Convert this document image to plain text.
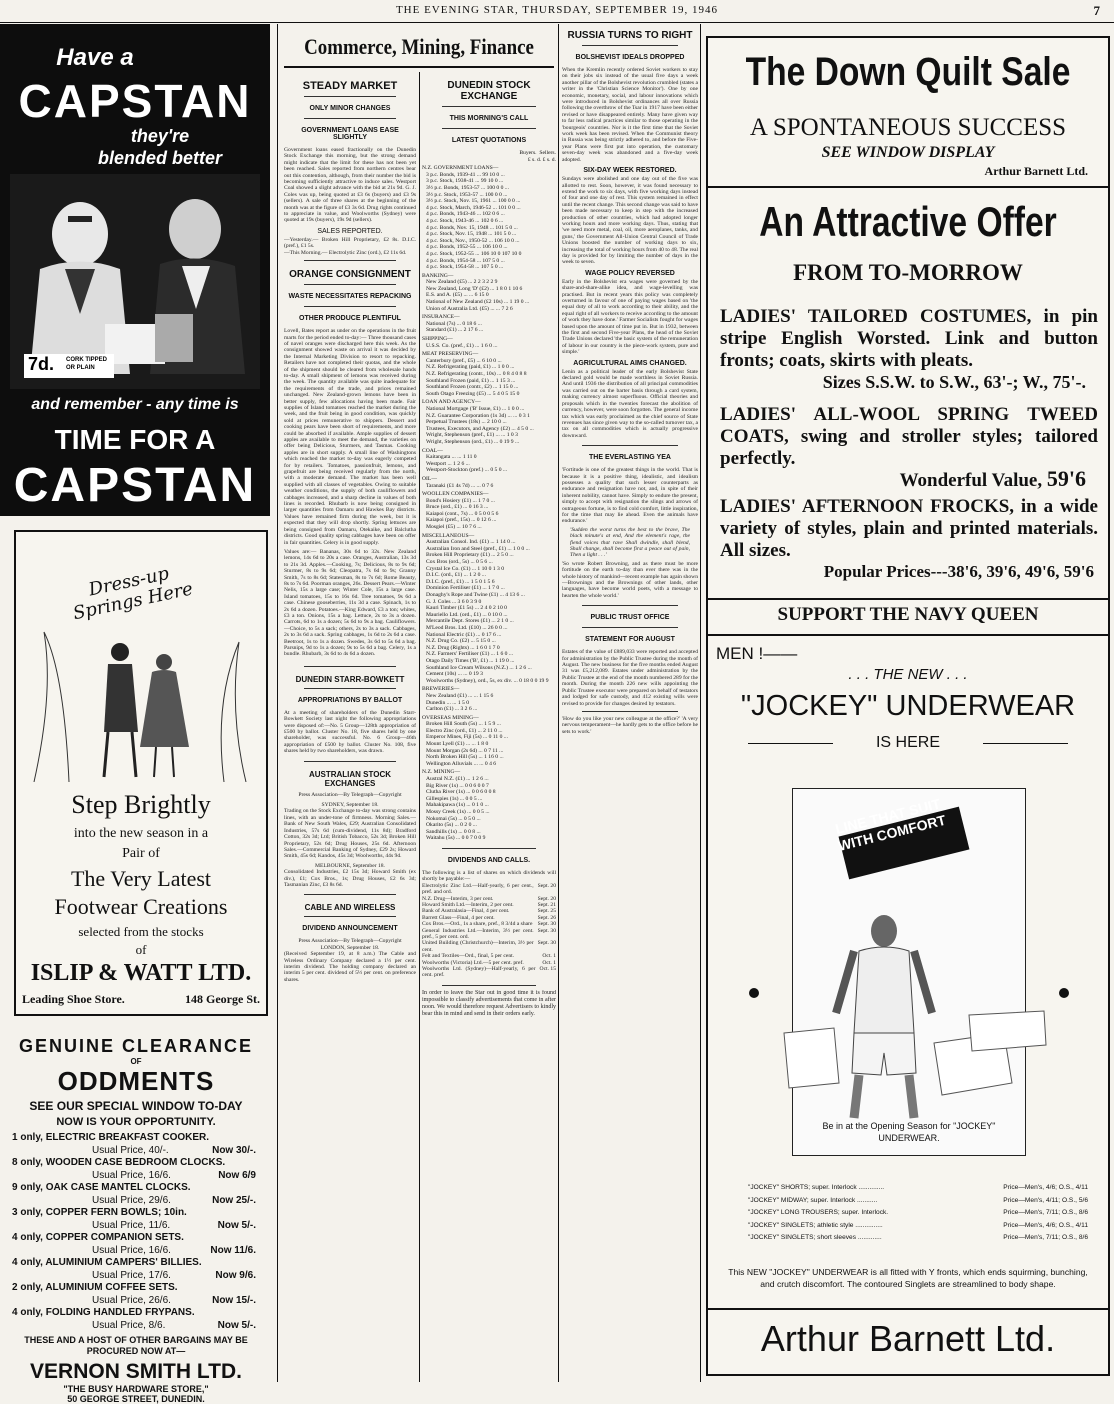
THE EVENING STAR, THURSDAY, SEPTEMBER 19, 1946	7
Have a
CAPSTAN
they're
blended better
7d. CORK TIPPED OR PLAIN
and remember - any time is
TIME FOR A
CAPSTAN
Dress-up Springs Here
Step Brightly
into the new season in a
Pair of
The Very Latest
Footwear Creations
selected from the stocks
of
ISLIP & WATT LTD.
Leading Shoe Store.	148 George St.
GENUINE CLEARANCE
OF
ODDMENTS
SEE OUR SPECIAL WINDOW TO-DAY
NOW IS YOUR OPPORTUNITY.
1 only, ELECTRIC BREAKFAST COOKER.
Usual Price, 40/-.	Now 30/-.
8 only, WOODEN CASE BEDROOM CLOCKS.
Usual Price, 16/6.	Now 6/9
9 only, OAK CASE MANTEL CLOCKS.
Usual Price, 29/6.	Now 25/-.
3 only, COPPER FERN BOWLS; 10in.
Usual Price, 11/6.	Now 5/-.
4 only, COPPER COMPANION SETS.
Usual Price, 16/6.	Now 11/6.
4 only, ALUMINIUM CAMPERS' BILLIES.
Usual Price, 17/6.	Now 9/6.
2 only, ALUMINIUM COFFEE SETS.
Usual Price, 26/6.	Now 15/-.
4 only, FOLDING HANDLED FRYPANS.
Usual Price, 8/6.	Now 5/-.
THESE AND A HOST OF OTHER BARGAINS MAY BE PROCURED NOW AT—
VERNON SMITH LTD.
"THE BUSY HARDWARE STORE,"
50 GEORGE STREET, DUNEDIN.
Commerce, Mining, Finance
STEADY MARKET
ONLY MINOR CHANGES
GOVERNMENT LOANS EASE SLIGHTLY
Government loans eased fractionally on the Dunedin Stock Exchange this morning, but the strong demand might indicate that the limit for these has not been yet been reached. Sales reported from northern centres bear out this contention, although, from their number the bid is becoming sufficiently attractive to induce sales. Westport Coal showed a slight advance with the bid at 21s 9d. G. J. Coles was up, being quoted at £3 6s (buyers) and £3 9s (sellers). A sale of three shares at the beginning of the month was at the figure of £3 3s 6d. Drug rights continued to appreciate in value, and Woolworths (Sydney) were quoted at 19s (buyers), 19s 9d (sellers).
SALES REPORTED.
—Yesterday.— Broken Hill Proprietary, £2 8s. D.I.C. (pref.), £1 5s.
—This Morning.— Electrolytic Zinc (ord.), £2 11s 6d.
ORANGE CONSIGNMENT
WASTE NECESSITATES REPACKING
OTHER PRODUCE PLENTIFUL
Lovell, Bates report as under on the operations in the fruit marts for the period ended to-day:— Three thousand cases of navel oranges were discharged here this week. As the consignment showed waste on arrival it was decided by the Internal Marketing Division to resort to repacking. Retailers have not completed their quotas, and the whole of the shipment should be cleared from wholesale hands to-day. A small shipment of lemons was received during the week. The quantity available was quite inadequate for the requirements of the trade, and prices remained unchanged. New Zealand-grown lemons have been in better supply, few allocations having been made. Fair supplies of Island tomatoes reached the market during the week, and the fruit being in good condition, was quickly sold at prices remunerative to shippers. Dessert and cooking pears have been short of requirements, and more could be absorbed if available. Ample supplies of dessert apples are available to meet the demand, the varieties on offer being Delicious, Sturmers, and Tasmas. Cooking apples are in short supply. A small line of Washingtons which reached the market to-day was eagerly competed for by retailers. Tomatoes, passionfruit, lemons, and grapefruit are being received regularly from the north, with a moderate demand. The market has been well supplied with all classes of vegetables. Owing to suitable weather conditions, the supply of both cauliflowers and cabbages increased, and a sharp decline in values of both lines is recorded. Rhubarb is now being consigned in larger quantities from Oamaru and Hawkes Bay districts. Values have remained firm during the week, but it is expected that they will drop shortly. Spring lettuces are being consigned from Oamaru, Otekaike, and Balclutha districts. Good quality spring cabbages have been on offer in fair quantities. Celery is in good supply.
Values are:— Bananas, 30s 6d to 32s. New Zealand lemons, 14s 6d to 20s a case. Oranges, Australian, 13s 3d to 21s 3d. Apples.—Cooking, 7s; Delicious, 8s to 9s 6d; Sturmer, 8s to 9s 6d; Cleopatra, 7s 6d to 9s; Granny Smith, 7s to 8s 6d; Statesman, 8s to 7s 6d; Rome Beauty, 8s to 7s 6d. Poorman oranges, 26s. Dessert Pears.—Winter Nelis, 15s a large case; Winter Cole, 15s a large case. Island tomatoes, 15s to 16s 6d. Tree tomatoes, 9s 6d a case. Chinese gooseberries, 11s 3d a case. Spinach, 1s to 2s 6d a dozen. Potatoes.—King Edward, £3 a ton; whites, £3 a ton. Onions, 15s a bag. Lettuce, 2s to 3s a dozen. Carrots, 6d to 1s a dozen; 5s 6d to 9s a bag. Cauliflowers.—Choice, to 5s a sack; others, 2s to 3s a sack. Cabbages, 2s to 3s 6d a sack. Spring cabbages, 1s 6d to 2s 6d a case. Beetroot, 1s to 1s a dozen. Swedes, 3s 6d to 5s 6d a bag. Parsnips, 9d to 1s a dozen; 9s to 5s 6d a bag. Celery, 1s a bundle. Rhubarb, 3s 6d to 4s 6d a dozen.
DUNEDIN STARR-BOWKETT
APPROPRIATIONS BY BALLOT
At a meeting of shareholders of the Dunedin Starr-Bowkett Society last night the following appropriations were disposed of:—No. 5 Group—128th appropriation of £500 by ballot. Cluster No. 18, five shares held by one shareholder, was successful. No. 6 Group—46th appropriation of £500 by ballot. Cluster No. 108, five shares held by two shareholders, was drawn.
AUSTRALIAN STOCK EXCHANGES
Press Association—By Telegraph—Copyright
SYDNEY, September 18.
Trading on the Stock Exchange to-day was strong contains lines, with an under-tone of firmness. Morning Sales.—Bank of New South Wales, £29; Australian Consolidated Industries, 57s 6d (cum-dividend, 11s 8d); Bradford Cotton, 32s 3d; Ltd; British Tobacco, 52s 3d; Broken Hill Proprietary, 52s 6d; Drug Houses, 25s 6d. Afternoon Sales.—Commercial Banking of Sydney, £29 2s; Howard Smith, 45s 6d; Kandos, 45s 3d; Woolworths, 44s 9d.
MELBOURNE, September 18.
Consolidated Industries, £2 15s 3d; Howard Smith (ex div.), £1; Cox Bros., 1s; Drug Houses, £2 6s 3d; Tasmanian Zinc, £3 8s 6d.
CABLE AND WIRELESS
DIVIDEND ANNOUNCEMENT
Press Association—By Telegraph—Copyright
LONDON, September 18.
(Received September 19, at 8 a.m.) The Cable and Wireless Ordinary Company declared a 1½ per cent. interim dividend. The holding company declared an interim 5 per cent. dividend of 5½ per cent. on preference shares.
DUNEDIN STOCK EXCHANGE
THIS MORNING'S CALL
LATEST QUOTATIONS
Buyers. Sellers.
£ s. d. £ s. d.
N.Z. GOVERNMENT LOANS—
3 p.c. Bonds, 1939-41 ... 99 10 0 ...
3 p.c. Stock, 1938-41 ... 99 10 0 ...
3½ p.c. Bonds, 1953-57 ... 100 0 0 ...
3½ p.c. Stock, 1953-57 ... 100 0 0 ...
3½ p.c. Stock, Nov. 15, 1961 ... 100 0 0 ...
4 p.c. Stock, March, 1946-52 ... 101 0 0 ...
4 p.c. Bonds, 1943-46 ... 102 0 6 ...
4 p.c. Stock, 1943-46 ... 102 0 6 ...
4 p.c. Bonds, Nov. 15, 1948 ... 101 5 0 ...
4 p.c. Stock, Nov. 15, 1948 ... 101 5 0 ...
4 p.c. Stock, Nov., 1950-52 ... 106 10 0 ...
4 p.c. Bonds, 1952-55 ... 106 10 0 ...
4 p.c. Stock, 1952-55 ... 106 10 0 107 10 0
4 p.c. Bonds, 1954-58 ... 107 5 0 ...
4 p.c. Stock, 1954-58 ... 107 5 0 ...
BANKING—
New Zealand (£5) ... 2 2 3 2 2 9
New Zealand, Long 'D' (£2) ... 1 8 0 1 10 6
E.S. and A. (£5) ... ... 6 15 0
National of New Zealand (£2 10s) ... 1 19 0 ...
Union of Australia Ltd. (£5) ... ... 7 2 6
INSURANCE—
National (7s) ... 0 18 6 ...
Standard (£1) ... 2 17 6 ...
SHIPPING—
U.S.S. Co. (pref., £1) ... 1 6 0 ...
MEAT PRESERVING—
Canterbury (pref., £5) ... 6 10 0 ...
N.Z. Refrigerating (paid, £1) ... 1 0 0 ...
N.Z. Refrigerating (contr., 10s) ... 0 8 4 0 8 8
Southland Frozen (paid, £1) ... 1 15 3 ...
Southland Frozen (contr., £2) ... 1 15 0 ...
South Otago Freezing (£5) ... 5 4 0 5 15 0
LOAN AND AGENCY—
National Mortgage ('B' Issue, £1) ... 1 0 0 ...
N.Z. Guarantee Corporation (1s 3d) ... ... 0 3 1
Perpetual Trustees (18s) ... 2 10 0 ...
Trustees, Executors, and Agency (£2) ... 4 5 0 ...
Wright, Stephenson (pref., £1) ... ... 1 0 3
Wright, Stephenson (ord., £1) ... 0 19 9 ...
COAL—
Kaitangata ... ... 1 11 0
Westport ... 1 2 6 ...
Westport-Stockton (pref.) ... 0 5 0 ...
OIL—
Taranaki (£1 4s 7d) ... ... 0 7 6
WOOLLEN COMPANIES—
Bond's Hosiery (£1) ... 1 7 0 ...
Bruce (ord., £1) ... 0 16 3 ...
Kaiapoi (cont., 7s) ... 0 5 0 0 5 6
Kaiapoi (pref., 15s) ... 0 12 6 ...
Mosgiel (£5) ... 10 7 6 ...
MISCELLANEOUS—
Australian Consol. Ind. (£1) ... 1 14 0 ...
Australian Iron and Steel (pref., £1) ... 1 0 0 ...
Broken Hill Proprietary (£1) ... 2 5 0 ...
Cox Bros (ord., 5s) ... 0 5 6 ...
Crystal Ice Co. (£1) ... 1 10 0 1 3 0
D.I.C. (ord., £1) ... 1 2 0 ...
D.I.C. (pref., £1) ... 1 5 0 1 5 6
Dominion Fertiliser (£1) ... 1 7 0 ...
Donaghy's Rope and Twine (£1) ... 4 13 6 ...
G. J. Coles ... 3 6 0 3 9 0
Kauri Timber (£1 5s) ... 2 4 0 2 10 0
Mauriello Ltd. (ord., £1) ... 0 10 0 ...
Mercantile Dept. Stores (£1) ... 2 1 0 ...
M'Leod Bros. Ltd. (£10) ... 26 0 0 ...
National Electric (£1) ... 0 17 6 ...
N.Z. Drug Co. (£2) ... 5 15 0 ...
N.Z. Drug (Rights) ... 1 6 0 1 7 0
N.Z. Farmers' Fertiliser (£1) ... 1 6 0 ...
Otago Daily Times ('B', £1) ... 1 19 0 ...
Southland Ice Cream Wilsons (N.Z.) ... 1 2 6 ...
Cement (10s) ... ... 0 19 3
Woolworths (Sydney), ord., 5s, ex div. ... 0 18 0 0 19 9
BREWERIES—
New Zealand (£1) ... ... 1 15 6
Dunedin ... ... 1 5 0
Carlton (£1) ... 3 2 6 ...
OVERSEAS MINING—
Broken Hill South (5s) ... 1 5 9 ...
Electro Zinc (ord., £1) ... 2 11 0 ...
Emperor Mines, Fiji (5s) ... 0 11 0 ...
Mount Lyell (£1) ... ... 1 8 0
Mount Morgan (2s 6d) ... 0 7 11 ...
North Broken Hill (5s) ... 1 16 0 ...
Wellington Alluvials ... ... 0 4 6
N.Z. MINING—
Austral N.Z. (£1) ... 1 2 6 ...
Big River (1s) ... 0 0 6 0 0 7
Clutha River (1s) ... 0 0 6 0 0 8
Gillespies (1s) ... 0 0 5 ...
Mahakipawa (1s) ... 0 1 0 ...
Mossy Creek (1s) ... 0 0 5 ...
Nokomai (5s) ... 0 5 0 ...
Okarito (5s) ... 0 2 0 ...
Sandhills (1s) ... 0 0 8 ...
Waitahu (5s) ... 0 0 7 0 0 9
DIVIDENDS AND CALLS.
The following is a list of shares on which dividends will shortly be payable:—
Electrolytic Zinc Ltd.—Half-yearly, 6 per cent., pref. and ord.
Sept. 20
N.Z. Drug—Interim, 3 per cent.	Sept. 20
Howard Smith Ltd.—Interim, 2 per cent.	Sept. 21
Bank of Australasia—Final, 4 per cent.	Sept. 25
Barrett Glass—Final, 4 per cent.	Sept. 26
Cox Bros.—Ord., 1s a share, pref., 8 3/4d a share Sept. 30
General Industries Ltd.—Interim, 3½ per cent. pref., 5 per cent. ord.
Sept. 30
United Building (Christchurch)—Interim, 3½ per cent.
Sept. 30
Felt and Textiles—Ord., final, 5 per cent.	Oct. 1
Woolworths (Victoria) Ltd.—5 per cent. pref.	Oct. 1
Woolworths Ltd. (Sydney)—Half-yearly, 6 per cent. pref.
Oct. 15
In order to leave the Star out in good time it is found impossible to classify advertisements that come in after noon. We would therefore request Advertisers to kindly bear this in mind and send in their orders early.
RUSSIA TURNS TO RIGHT
BOLSHEVIST IDEALS DROPPED
When the Kremlin recently ordered Soviet workers to stay on their jobs six instead of the usual five days a week another pillar of the Bolshevist revolution crumbled (states a writer in the 'Christian Science Monitor'). One by one economic, monetary, social, and labour innovations which were introduced in Bolshevist ordinances all over Russia following the overthrow of the Tsar in 1917 have been either revised or have disappeared entirely. Many have given way to far less radical practices similar to those operating in the 'bourgeois' countries. Nor is it the first time that the Soviet work week has been revised. When the Communist theory in Russia was being strictly adhered to, and before the Five-year Plans were first put into operation, the customary seven-day week was abandoned and a five-day week adopted.
SIX-DAY WEEK RESTORED.
Sundays were abolished and one day out of the five was allotted to rest. Soon, however, it was found necessary to extend the work to six days, with five working days instead of four and one day of rest. This system remained in effect until the recent change. This second change was said to have been made necessary to keep in step with the increased production of other countries, which had adopted longer working hours and more working days. Thus, stating that 'we need more metal, coal, oil, more aeroplanes, tanks, and guns,' the Government All-Union Central Council of Trade Unions boosted the number of working days to six, increasing the total of working hours from 40 to 48. The real day is provided for by limiting the number of days in the week to seven.
WAGE POLICY REVERSED
Early in the Bolshevist era wages were governed by the share-and-share-alike idea, and wage-levelling was practised. But in recent years this policy was completely overturned in favour of one of paying wages based on 'the equal duty of all to work according to their ability, and the equal right of all workers to receive according to the amount of work they have done.' Farmer Socialists fought for wages based upon the amount of time put in. But in 1932, between the first and second Five-year Plans, the head of the Soviet Trade Unions declared 'the basic system of the remuneration of labour in our country is the piece-work system, pure and simple.'
AGRICULTURAL AIMS CHANGED.
Lenin as a political leader of the early Bolshevist State declared gold would be made worthless in Soviet Russia. And until 1936 the distribution of all principal commodities was carried out on the barter basis through a card system, making currency almost superfluous. Official theories and proposals which in the twenties forecast the abolition of currency, however, were soon forgotten. The general income tax which was early proclaimed as the chief source of State revenues has since given way to the so-called turnover tax, a tax on all commodities which is actually progressive downward.
THE EVERLASTING YEA
'Fortitude is one of the greatest things in the world. That is because it is a positive thing, idealistic, and idealism possesses a quality that such lesser counterparts as endurance and resignation have not, and, in spite of their inherent nobility, cannot have. Simply to endure the present, simply to accept with resignation the slings and arrows of outrageous fortune, is to find cold comfort, little inspiration, for the time that may lie ahead. Even the animals have endurance.'
'Sudden the worst turns the best to the brave, The black minute's at end, And the element's rage, the fiend voices that rave Shall dwindle, shall blend, Shall change, shall become first a peace out of pain, Then a light . . .'
'So wrote Robert Browning, and as there must be more fortitude on the earth to-day than ever there was in the whole history of mankind—recent example has again shown—Brownings and the Brownings of other lands, other languages, have become world poets, with a message to hearten the whole world.'
PUBLIC TRUST OFFICE
STATEMENT FOR AUGUST
Estates of the value of £889,033 were reported and accepted for administration by the Public Trustee during the month of August. The new business for the five months ended August 31 was £5,212,089. Estates under administration by the Public Trustee at the end of the month numbered 289 for the month. During the month 226 new wills appointing the Public Trustee executor were prepared on behalf of testators and lodged for safe custody, and 412 existing wills were revised to provide for changes desired by testators.
'How do you like your new colleague at the office?' 'A very nervous temperament—he hardly gets to the office before he sets to work.'
The Down Quilt Sale
A SPONTANEOUS SUCCESS
SEE WINDOW DISPLAY
Arthur Barnett Ltd.
An Attractive Offer
FROM TO-MORROW
LADIES' TAILORED COSTUMES, in pin stripe English Worsted. Link and button fronts; coats, skirts with pleats.
Sizes S.S.W. to S.W., 63'-; W., 75'-.
LADIES' ALL-WOOL SPRING TWEED COATS, swing and stroller styles; tailored perfectly.
Wonderful Value, 59'6
LADIES' AFTERNOON FROCKS, in a wide variety of styles, plain and printed materials. All sizes.
Popular Prices---38'6, 39'6, 49'6, 59'6
SUPPORT THE NAVY QUEEN
MEN !——
. . . THE NEW . . .
"JOCKEY" UNDERWEAR
IS HERE
LINE THAT SUIT WITH COMFORT
Be in at the Opening Season for "JOCKEY" UNDERWEAR.
"JOCKEY" SHORTS; super. Interlock ..............	Price—Men's, 4/6; O.S., 4/11
"JOCKEY" MIDWAY; super. Interlock ...........	Price—Men's, 4/11; O.S., 5/6
"JOCKEY" LONG TROUSERS; super. Interlock.	Price—Men's, 7/11; O.S., 8/6
"JOCKEY" SINGLETS; athletic style ...............	Price—Men's, 4/6; O.S., 4/11
"JOCKEY" SINGLETS; short sleeves .............	Price—Men's, 7/11; O.S., 8/6
This NEW "JOCKEY" UNDERWEAR is all fitted with Y fronts, which ends squirming, bunching, and crutch discomfort. The contoured Singlets are streamlined to body shape.
Arthur Barnett Ltd.
